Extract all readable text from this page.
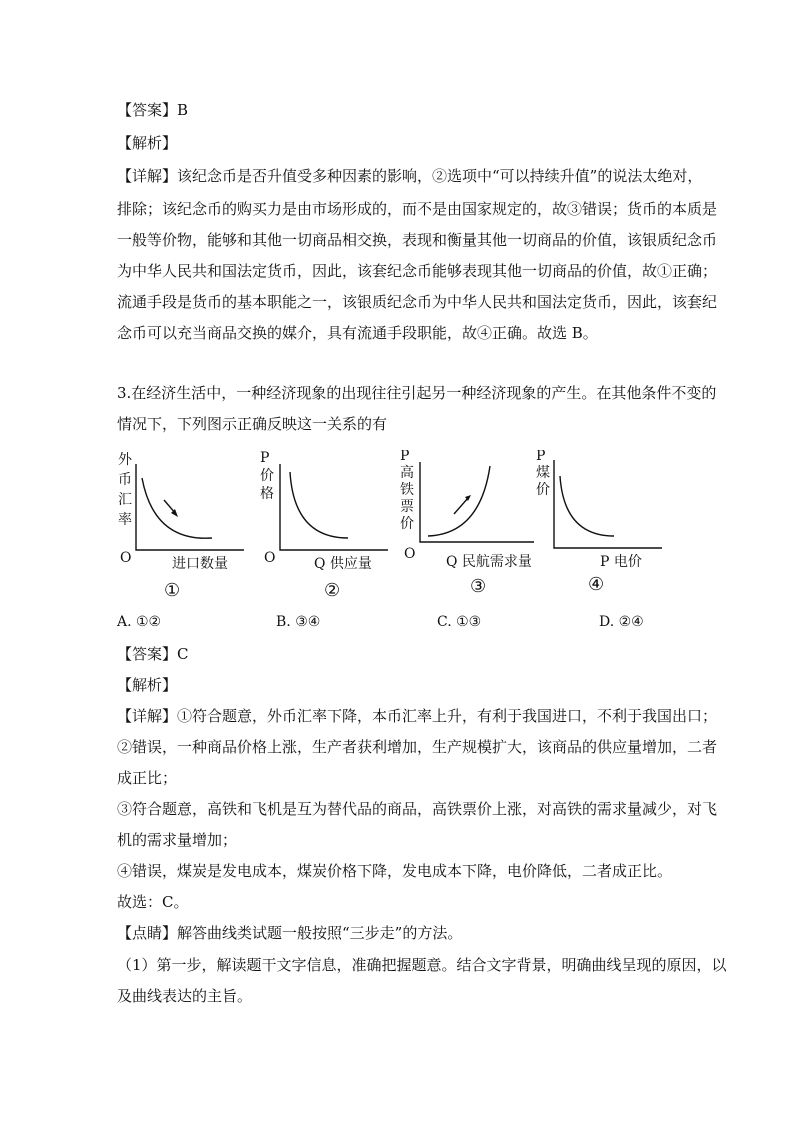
【答案】B
【解析】
【详解】该纪念币是否升值受多种因素的影响，②选项中“可以持续升值”的说法太绝对，
排除；该纪念币的购买力是由市场形成的，而不是由国家规定的，故③错误；货币的本质是
一般等价物，能够和其他一切商品相交换，表现和衡量其他一切商品的价值，该银质纪念币
为中华人民共和国法定货币，因此，该套纪念币能够表现其他一切商品的价值，故①正确；
流通手段是货币的基本职能之一，该银质纪念币为中华人民共和国法定货币，因此，该套纪
念币可以充当商品交换的媒介，具有流通手段职能，故④正确。故选 B。
3.在经济生活中，一种经济现象的出现往往引起另一种经济现象的产生。在其他条件不变的
情况下，下列图示正确反映这一关系的有
外
币
汇
率
O	进口数量
①
P
价
格
O	Q 供应量
②
P
高
铁
票
价
O Q 民航需求量
③
P
煤
价
P 电价
④
A. ①②	B. ③④	C. ①③	D. ②④
【答案】C
【解析】
【详解】①符合题意，外币汇率下降，本币汇率上升，有利于我国进口，不利于我国出口；
②错误，一种商品价格上涨，生产者获利增加，生产规模扩大，该商品的供应量增加，二者
成正比；
③符合题意，高铁和飞机是互为替代品的商品，高铁票价上涨，对高铁的需求量减少，对飞
机的需求量增加；
④错误，煤炭是发电成本，煤炭价格下降，发电成本下降，电价降低，二者成正比。
故选：C。
【点睛】解答曲线类试题一般按照“三步走”的方法。
（1）第一步，解读题干文字信息，准确把握题意。结合文字背景，明确曲线呈现的原因，以
及曲线表达的主旨。
